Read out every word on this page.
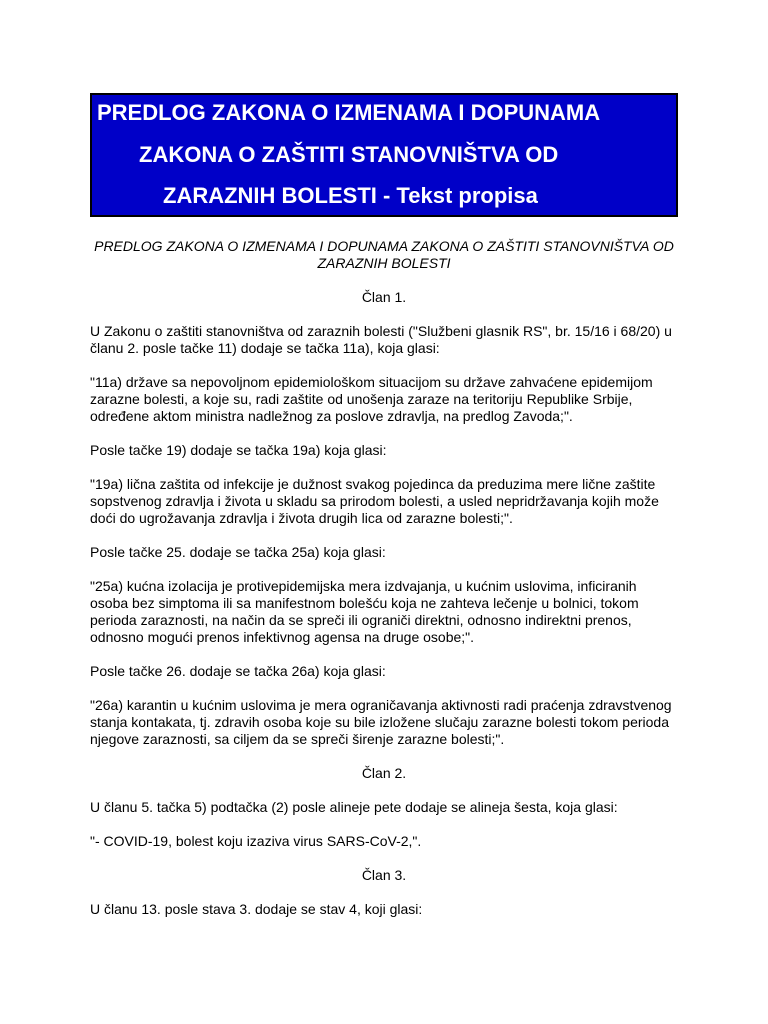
PREDLOG ZAKONA O IZMENAMA I DOPUNAMA
ZAKONA O ZAŠTITI STANOVNIŠTVA OD
ZARAZNIH BOLESTI - Tekst propisa

PREDLOG ZAKONA O IZMENAMA I DOPUNAMA ZAKONA O ZAŠTITI STANOVNIŠTVA OD ZARAZNIH BOLESTI

Član 1.

U Zakonu o zaštiti stanovništva od zaraznih bolesti ("Službeni glasnik RS", br. 15/16 i 68/20) u članu 2. posle tačke 11) dodaje se tačka 11a), koja glasi:

"11a) države sa nepovoljnom epidemiološkom situacijom su države zahvaćene epidemijom zarazne bolesti, a koje su, radi zaštite od unošenja zaraze na teritoriju Republike Srbije, određene aktom ministra nadležnog za poslove zdravlja, na predlog Zavoda;".

Posle tačke 19) dodaje se tačka 19a) koja glasi:

"19a) lična zaštita od infekcije je dužnost svakog pojedinca da preduzima mere lične zaštite sopstvenog zdravlja i života u skladu sa prirodom bolesti, a usled nepridržavanja kojih može doći do ugrožavanja zdravlja i života drugih lica od zarazne bolesti;".

Posle tačke 25. dodaje se tačka 25a) koja glasi:

"25a) kućna izolacija je protivepidemijska mera izdvajanja, u kućnim uslovima, inficiranih osoba bez simptoma ili sa manifestnom bolešću koja ne zahteva lečenje u bolnici, tokom perioda zaraznosti, na način da se spreči ili ograniči direktni, odnosno indirektni prenos, odnosno mogući prenos infektivnog agensa na druge osobe;".

Posle tačke 26. dodaje se tačka 26a) koja glasi:

"26a) karantin u kućnim uslovima je mera ograničavanja aktivnosti radi praćenja zdravstvenog stanja kontakata, tj. zdravih osoba koje su bile izložene slučaju zarazne bolesti tokom perioda njegove zaraznosti, sa ciljem da se spreči širenje zarazne bolesti;".

Član 2.

U članu 5. tačka 5) podtačka (2) posle alineje pete dodaje se alineja šesta, koja glasi:

"- COVID-19, bolest koju izaziva virus SARS-CoV-2,".

Član 3.

U članu 13. posle stava 3. dodaje se stav 4, koji glasi:
